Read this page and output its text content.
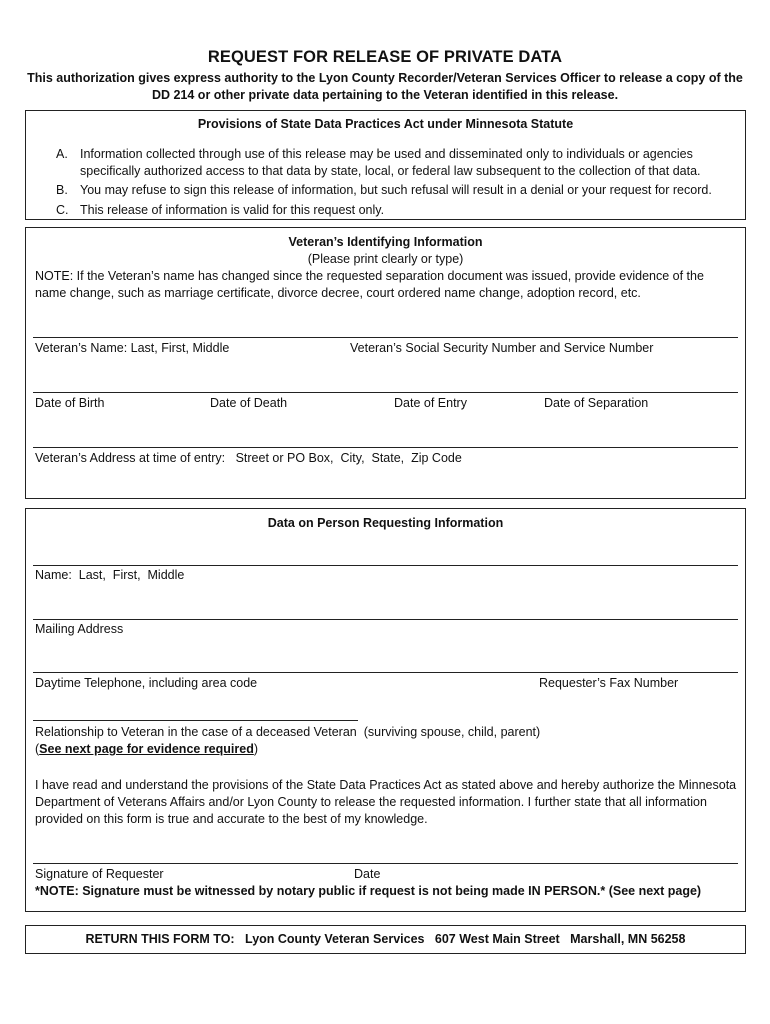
REQUEST FOR RELEASE OF PRIVATE DATA
This authorization gives express authority to the Lyon County Recorder/Veteran Services Officer to release a copy of the DD 214 or other private data pertaining to the Veteran identified in this release.
Provisions of State Data Practices Act under Minnesota Statute
A. Information collected through use of this release may be used and disseminated only to individuals or agencies specifically authorized access to that data by state, local, or federal law subsequent to the collection of that data.
B. You may refuse to sign this release of information, but such refusal will result in a denial or your request for record.
C. This release of information is valid for this request only.
Veteran’s Identifying Information
(Please print clearly or type)
NOTE: If the Veteran’s name has changed since the requested separation document was issued, provide evidence of the name change, such as marriage certificate, divorce decree, court ordered name change, adoption record, etc.
Veteran’s Name: Last, First, Middle	Veteran’s Social Security Number and Service Number
Date of Birth	Date of Death	Date of Entry	Date of Separation
Veteran’s Address at time of entry:   Street or PO Box,  City,  State,  Zip Code
Data on Person Requesting Information
Name:  Last,  First,  Middle
Mailing Address
Daytime Telephone, including area code	Requester’s Fax Number
Relationship to Veteran in the case of a deceased Veteran  (surviving spouse, child, parent)
(See next page for evidence required)
I have read and understand the provisions of the State Data Practices Act as stated above and hereby authorize the Minnesota Department of Veterans Affairs and/or Lyon County to release the requested information. I further state that all information provided on this form is true and accurate to the best of my knowledge.
Signature of Requester	Date
*NOTE: Signature must be witnessed by notary public if request is not being made IN PERSON.* (See next page)
RETURN THIS FORM TO:   Lyon County Veteran Services   607 West Main Street   Marshall, MN 56258
